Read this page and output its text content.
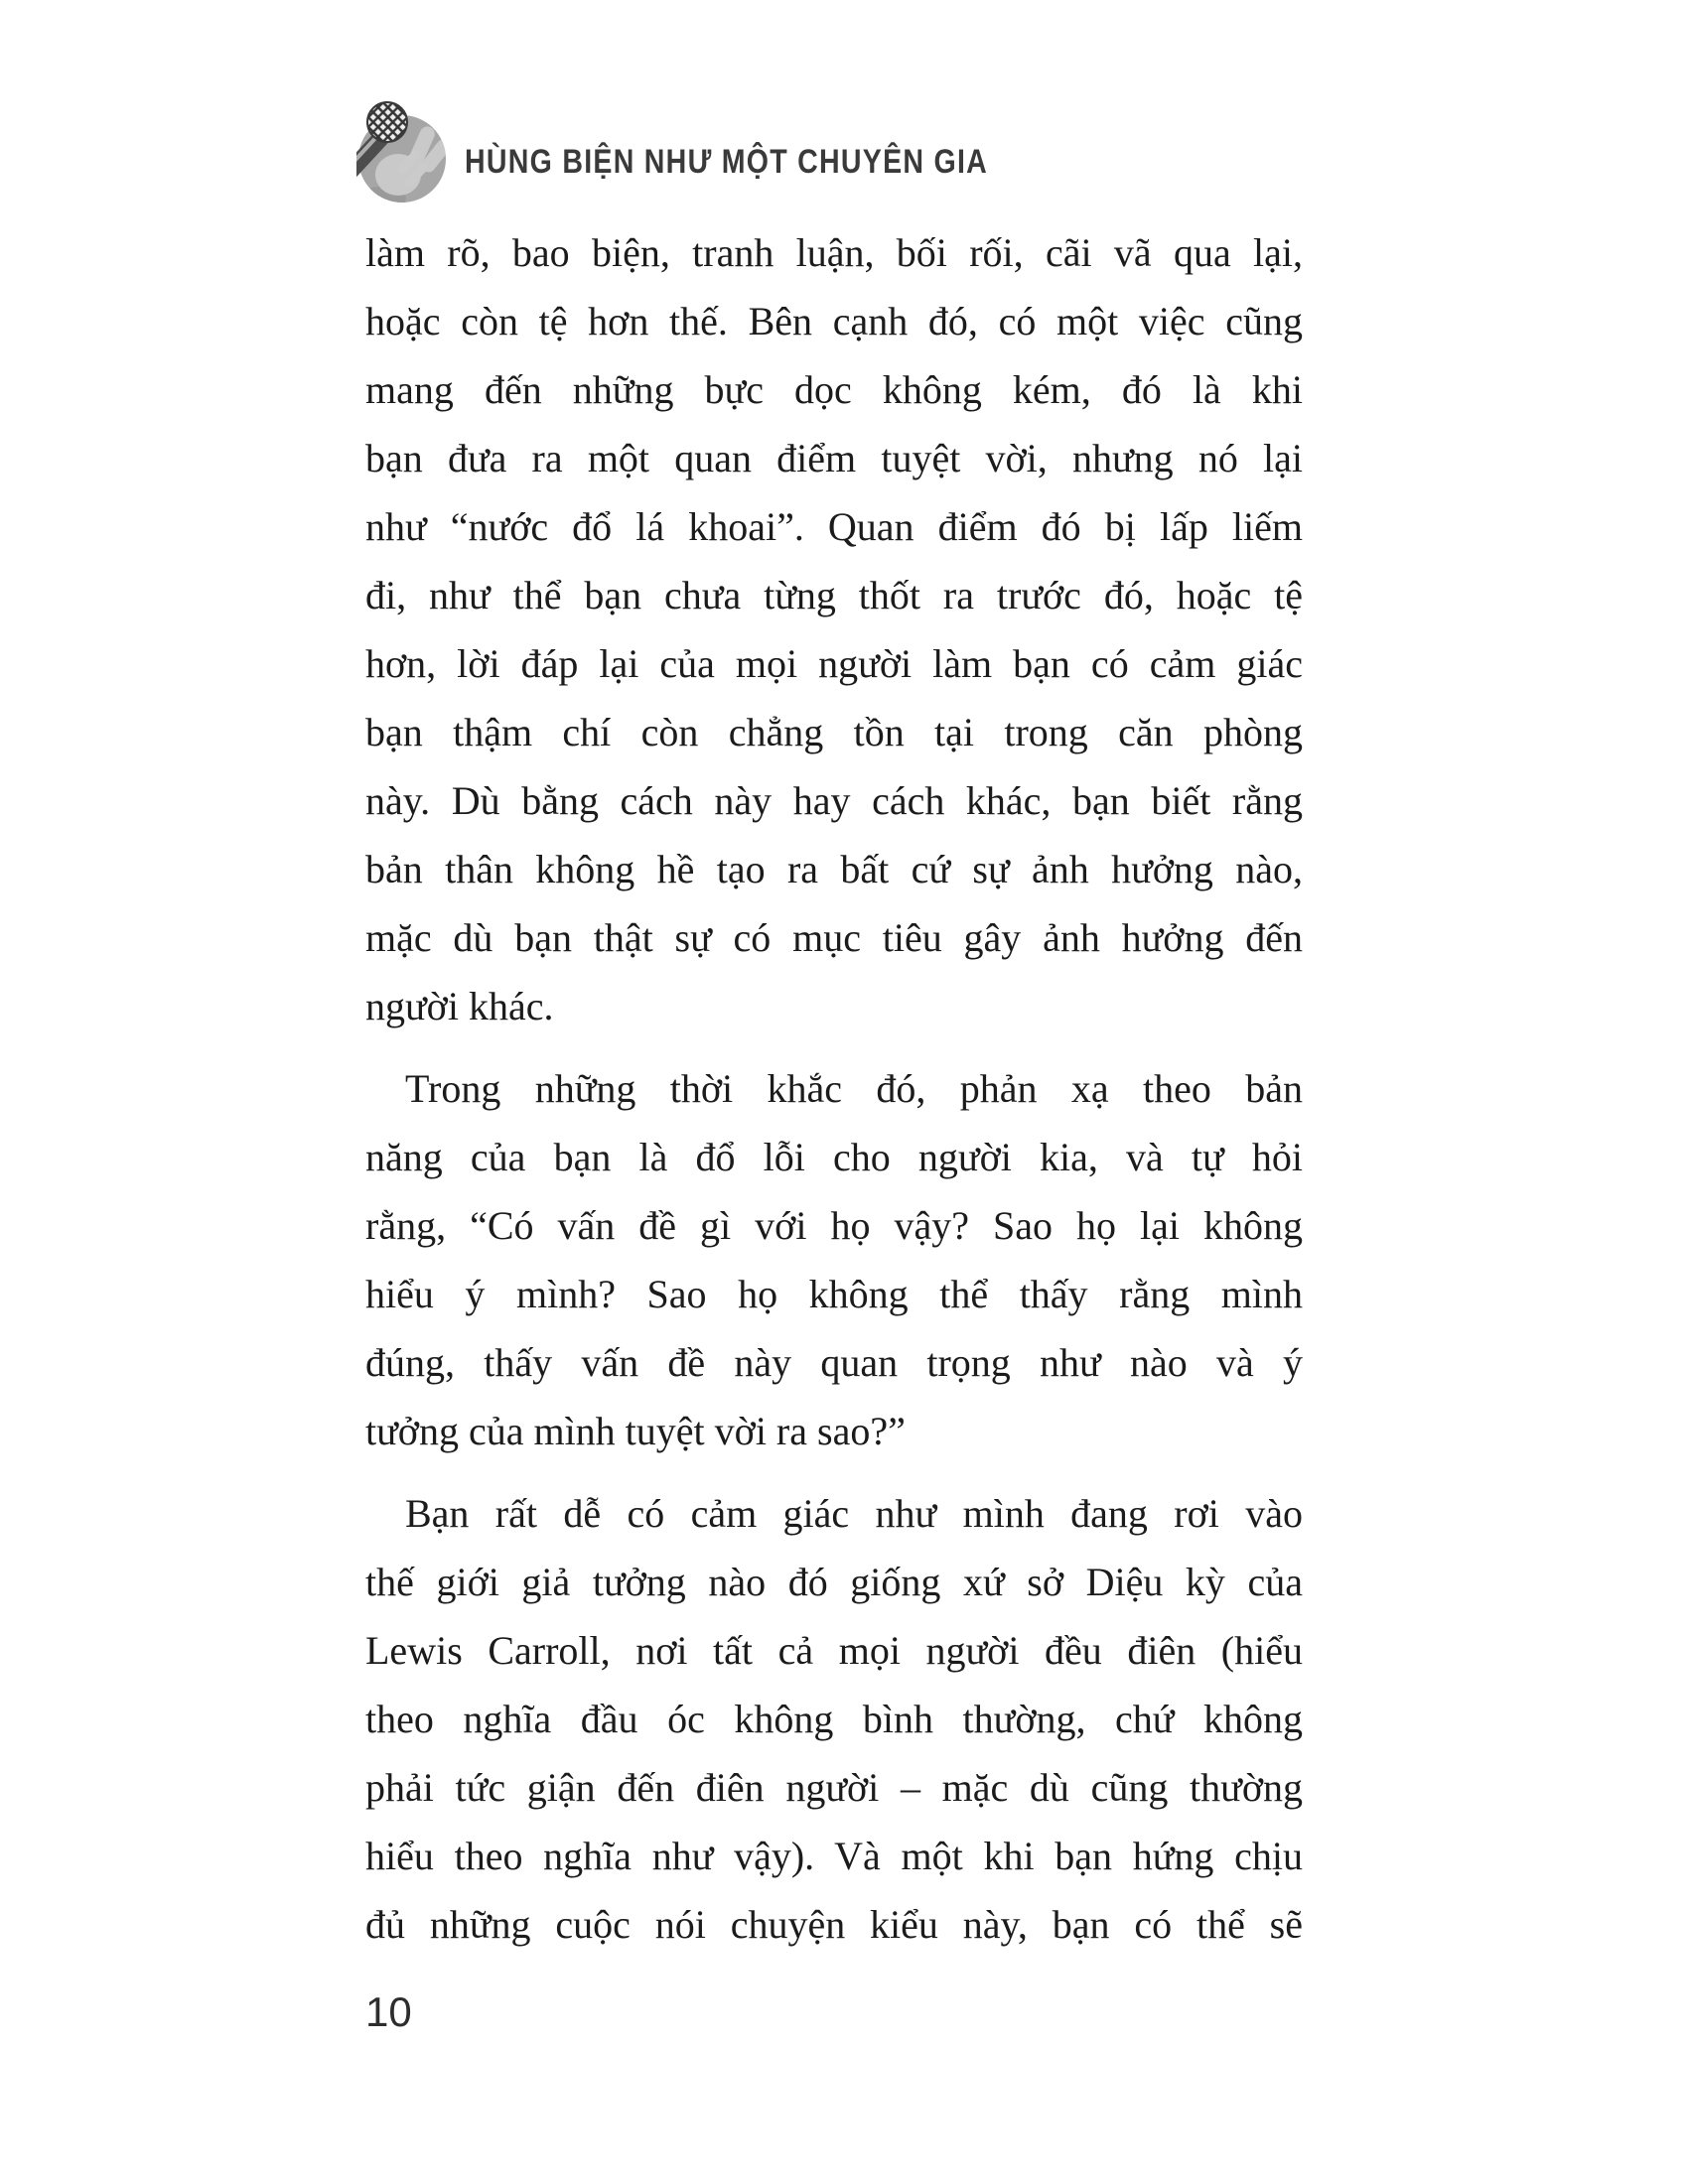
HÙNG BIỆN NHƯ MỘT CHUYÊN GIA
làm rõ, bao biện, tranh luận, bối rối, cãi vã qua lại,
hoặc còn tệ hơn thế. Bên cạnh đó, có một việc cũng
mang đến những bực dọc không kém, đó là khi
bạn đưa ra một quan điểm tuyệt vời, nhưng nó lại
như “nước đổ lá khoai”. Quan điểm đó bị lấp liếm
đi, như thể bạn chưa từng thốt ra trước đó, hoặc tệ
hơn, lời đáp lại của mọi người làm bạn có cảm giác
bạn thậm chí còn chẳng tồn tại trong căn phòng
này. Dù bằng cách này hay cách khác, bạn biết rằng
bản thân không hề tạo ra bất cứ sự ảnh hưởng nào,
mặc dù bạn thật sự có mục tiêu gây ảnh hưởng đến
người khác.
Trong những thời khắc đó, phản xạ theo bản
năng của bạn là đổ lỗi cho người kia, và tự hỏi
rằng, “Có vấn đề gì với họ vậy? Sao họ lại không
hiểu ý mình? Sao họ không thể thấy rằng mình
đúng, thấy vấn đề này quan trọng như nào và ý
tưởng của mình tuyệt vời ra sao?”
Bạn rất dễ có cảm giác như mình đang rơi vào
thế giới giả tưởng nào đó giống xứ sở Diệu kỳ của
Lewis Carroll, nơi tất cả mọi người đều điên (hiểu
theo nghĩa đầu óc không bình thường, chứ không
phải tức giận đến điên người – mặc dù cũng thường
hiểu theo nghĩa như vậy). Và một khi bạn hứng chịu
đủ những cuộc nói chuyện kiểu này, bạn có thể sẽ
10
